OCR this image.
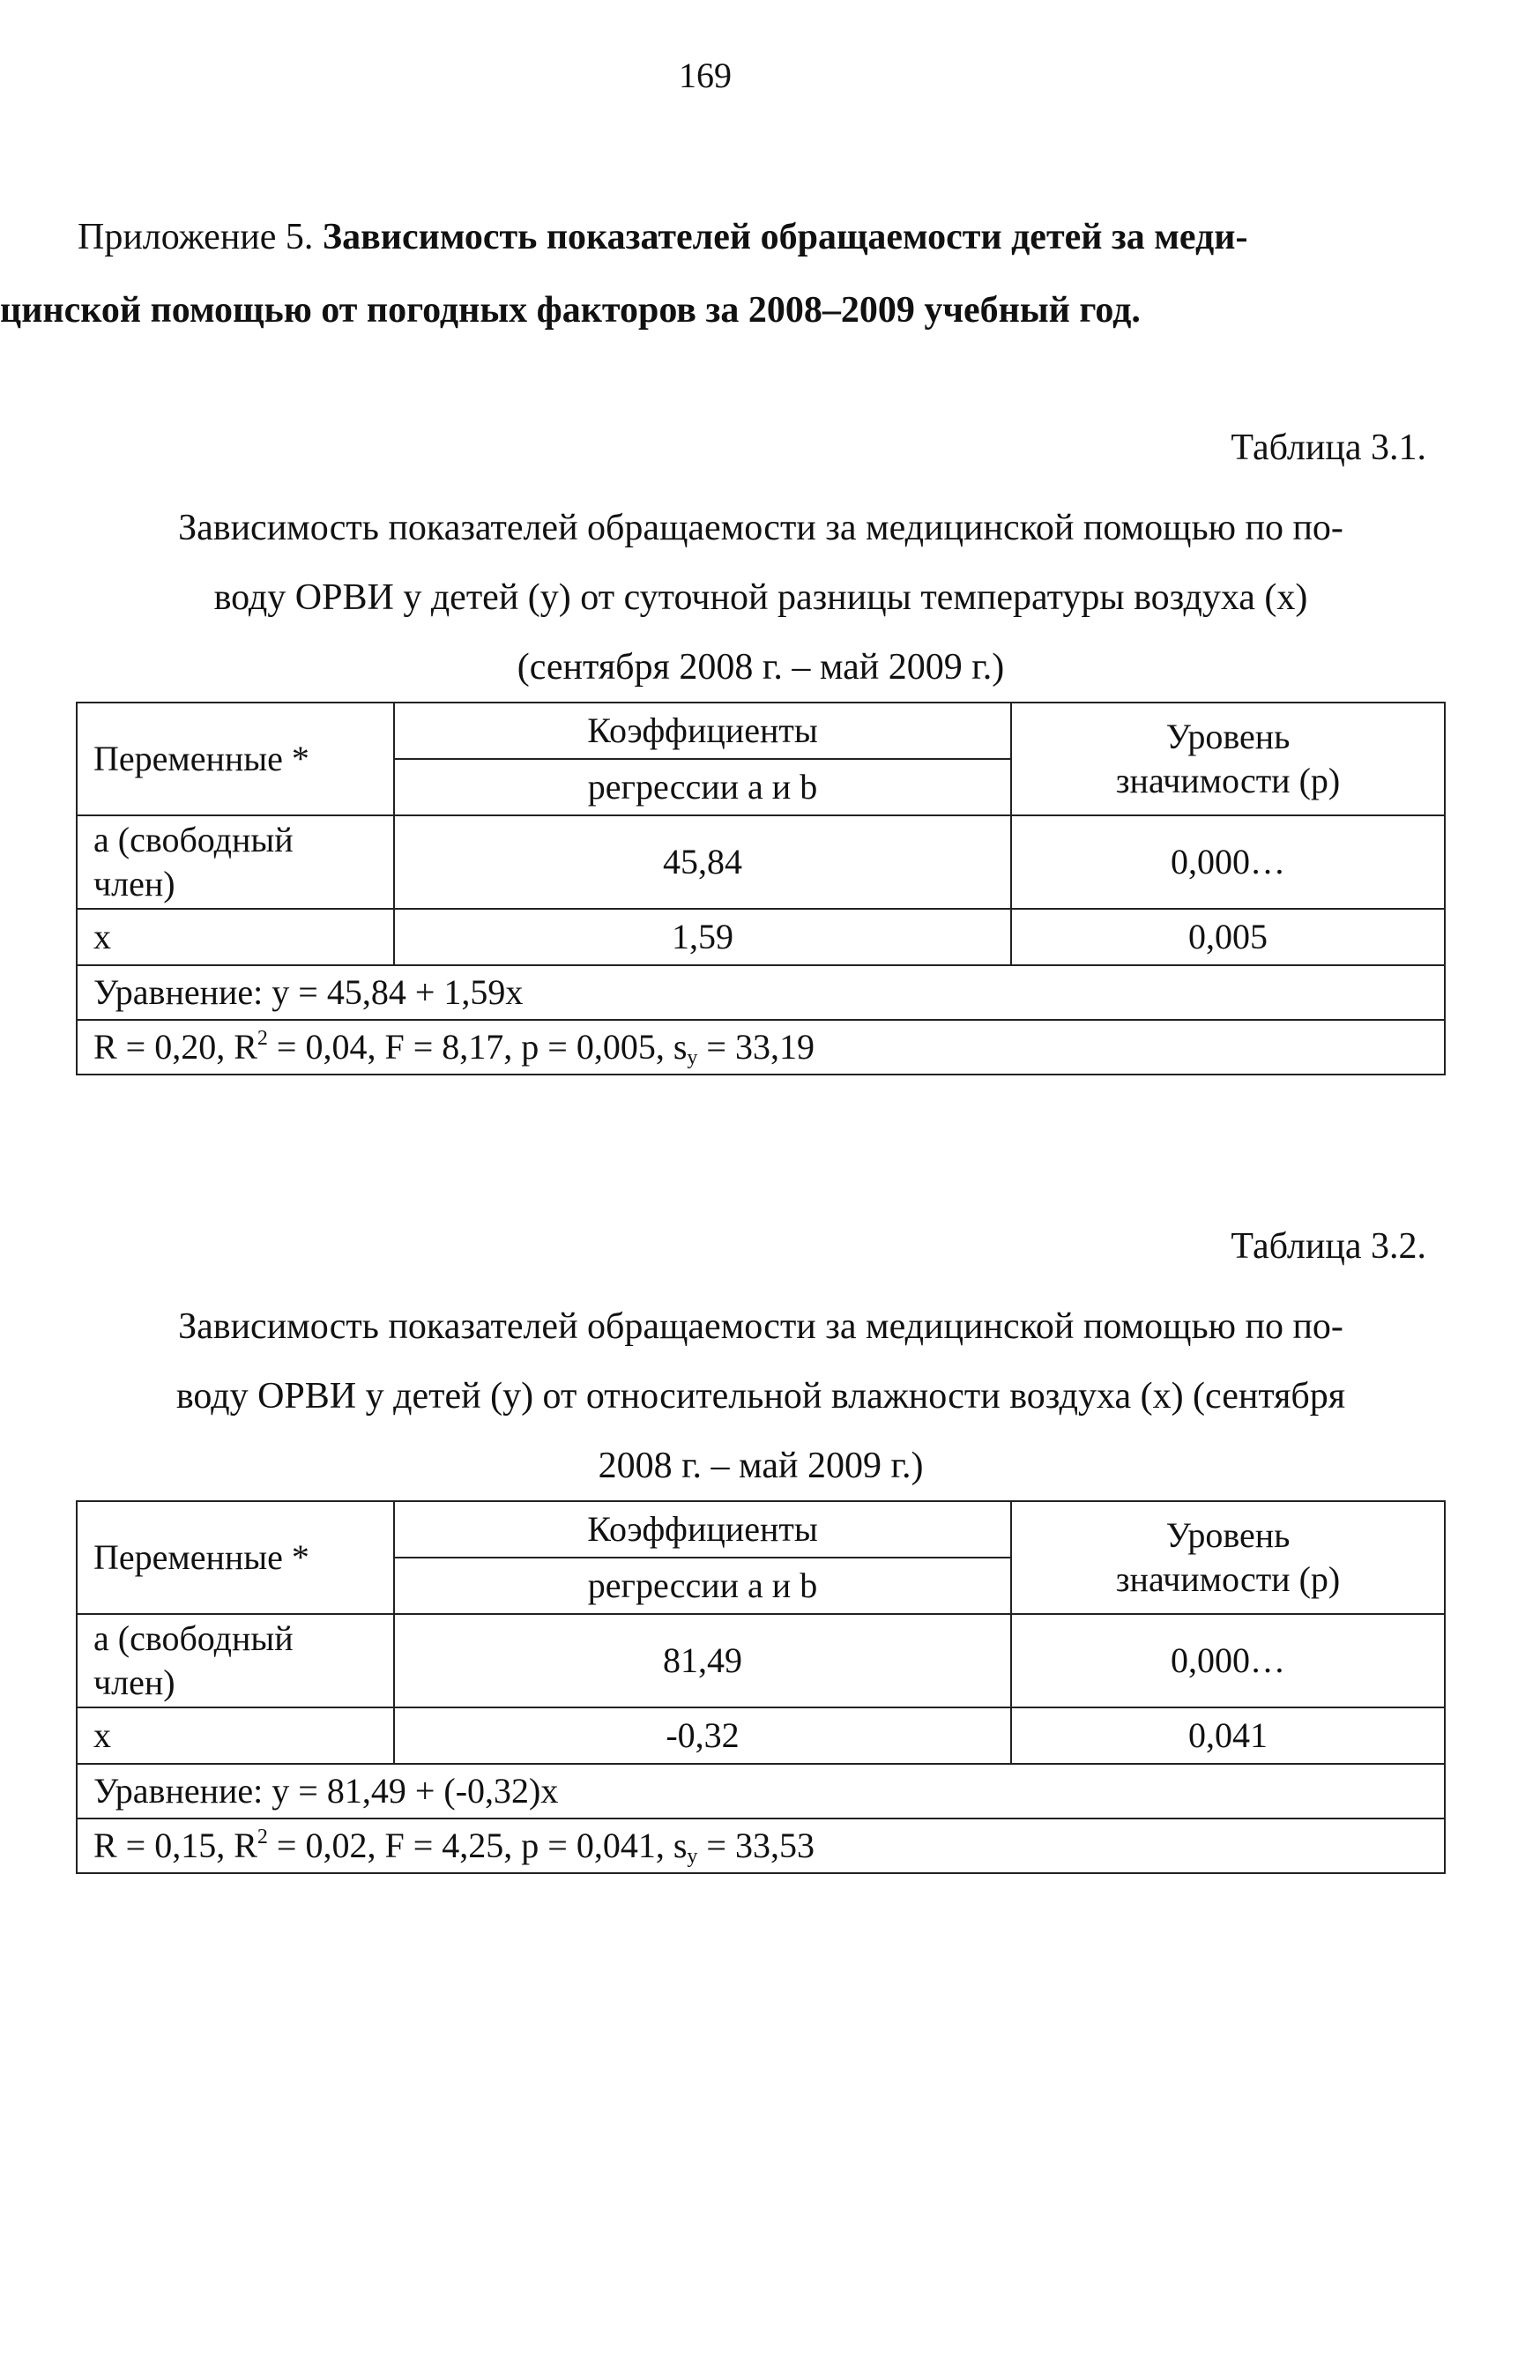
169
Приложение 5. Зависимость показателей обращаемости детей за меди-
цинской помощью от погодных факторов за 2008–2009 учебный год.
Таблица 3.1.
Зависимость показателей обращаемости за медицинской помощью по по-
воду ОРВИ у детей (y) от суточной разницы температуры воздуха (x)
(сентября 2008 г. – май 2009 г.)
Переменные *	Коэффициенты	Уровень
значимости (p)
	регрессии a и b	
a (свободный
член)	45,84	0,000…
x	1,59	0,005
Уравнение: y = 45,84 + 1,59x		
R = 0,20, $R^2 = 0,04$, F = 8,17, p = 0,005, $s_y = 33,19$		
Таблица 3.2.
Зависимость показателей обращаемости за медицинской помощью по по-
воду ОРВИ у детей (y) от относительной влажности воздуха (x) (сентября
2008 г. – май 2009 г.)
Переменные *	Коэффициенты	Уровень
значимости (p)
	регрессии a и b	
a (свободный
член)	81,49	0,000…
x	-0,32	0,041
Уравнение: y = 81,49 + (-0,32)x		
R = 0,15, $R^2 = 0,02$, F = 4,25, p = 0,041, $s_y = 33,53$		
